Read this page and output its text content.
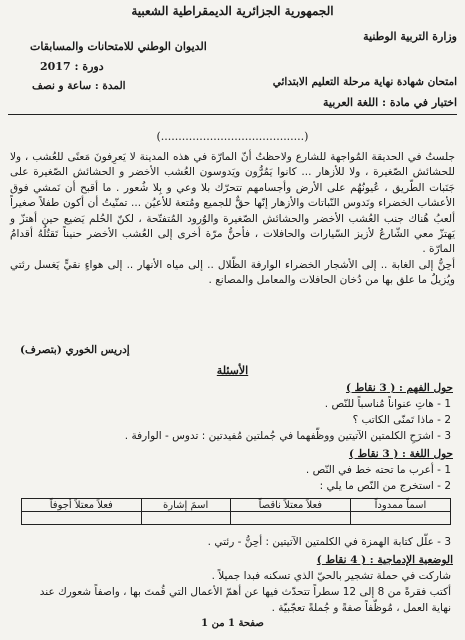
الجمهورية الجزائرية الديمقراطية الشعبية
وزارة التربية الوطنية
الديوان الوطني للامتحانات والمسابقات
دورة : 2017
امتحان شهادة نهاية مرحلة التعليم الابتدائي
المدة : ساعة و نصف
اختبار في مادة : اللغة العربية
(.........................................)

جلستُ في الحديقة المُواجهة للشارع ولاحظتُ أنّ المارّة في هذه المدينة لا يَعرِفونَ مَعنًى للعُشب ، ولا للحشائش الصّغيرة ، ولا للأزهار ... كانوا يَمُرُّون ويَدوسون العُشب الأخضر و الحشائش الصّغيرة على جَنَبات الطّريق ، عُيونُهُم على الأرض وأجسامهم تتحرّك بلا وعي و بِلا شُعور . ما أقبح أن نَمشي فوق الأعشاب الخضراء ونَدوس النّباتات والأزهار إنّها حقٌّ للجميع ومُتعة للأعيُن ... تمنّيتُ أن أكون طفلاً صغيراً ألعبُ هُناك جنب العُشب الأخضر والحشائش الصّغيرة والوُرود المُتفتّحة ، لكنّ الحُلم يَضيع حين أهتزّ و يَهتزّ معي الشّارعُ لأزيز السّيارات والحافلات ، فأحنُّ مرّة أخرى إلى العُشب الأخضر حنيناً تَقتُلُهُ أقدامُ المارّة .

أحِنُّ إلى الغابة .. إلى الأشجار الخضراء الوارفة الظّلال .. إلى مياه الأنهار .. إلى هواءٍ نقيٍّ يَغسل رئتي ويُزيلُ ما علق بها من دُخان الحافلات والمعامل والمصانع .

إدريس الخوري (بتصرف)
الأسئلة
حول الفهم : ( 3 نقاط )
1 - هاتِ عنواناً مُناسباً للنّص .
2 - ماذا تَمنّى الكاتب ؟
3 - اشرَحِ الكلمتين الآتيتين ووظّفهما في جُملتين مُفيدتين : تدوس - الوارفة .
حول اللغة : ( 3 نقاط )
1 - أعرب ما تحته خط في النّص .
2 - استخرج من النّص ما يلي :
اسماً ممدوداً	فعلاً معتلاً ناقصاً	اسمَ إشارة	فعلاً معتلاً أجوفاً

3 - علّل كتابة الهمزة في الكلمتين الآتيتين : أحِنُّ - رئتي .
الوضعية الإدماجية : ( 4 نقاط )
شاركت في حملة تشجير بالحيّ الذي تسكنه فبدا جميلاً .
أكتب فقرةً من 8 إلى 12 سطراً تتحدّث فيها عن أهمّ الأعمال التي قُمتَ بها ، واصفاً شعورك عند
نهاية العمل ، مُوظّفاً صفةً و جُملةً تعجّبيّة .
صفحة 1 من 1
